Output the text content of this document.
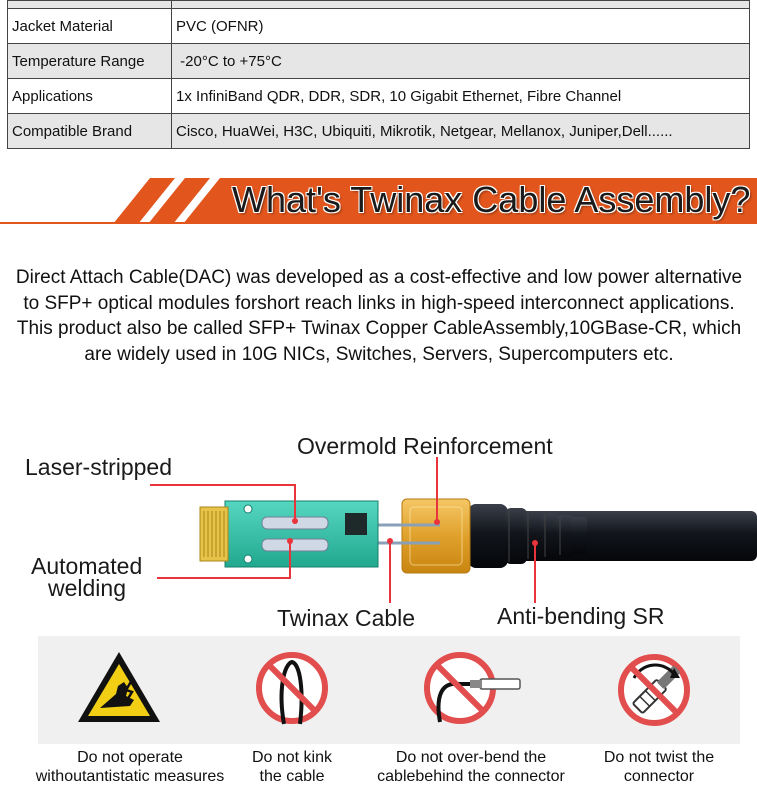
Jacket Material	PVC (OFNR)
Temperature Range	-20°C to +75°C
Applications	1x InfiniBand QDR, DDR, SDR, 10 Gigabit Ethernet, Fibre Channel
Compatible Brand	Cisco, HuaWei, H3C, Ubiquiti, Mikrotik, Netgear, Mellanox, Juniper,Dell......
What's Twinax Cable Assembly?
Direct Attach Cable(DAC) was developed as a cost-effective and low power alternative to SFP+ optical modules forshort reach links in high-speed interconnect applications. This product also be called SFP+ Twinax Copper CableAssembly,10GBase-CR, which are widely used in 10G NICs, Switches, Servers, Supercomputers etc.
Overmold Reinforcement
Laser-stripped
Automated
welding
Twinax Cable	Anti-bending SR
Do not operate
withoutantistatic measures
Do not kink
the cable
Do not over-bend the
cablebehind the connector
Do not twist the
connector
